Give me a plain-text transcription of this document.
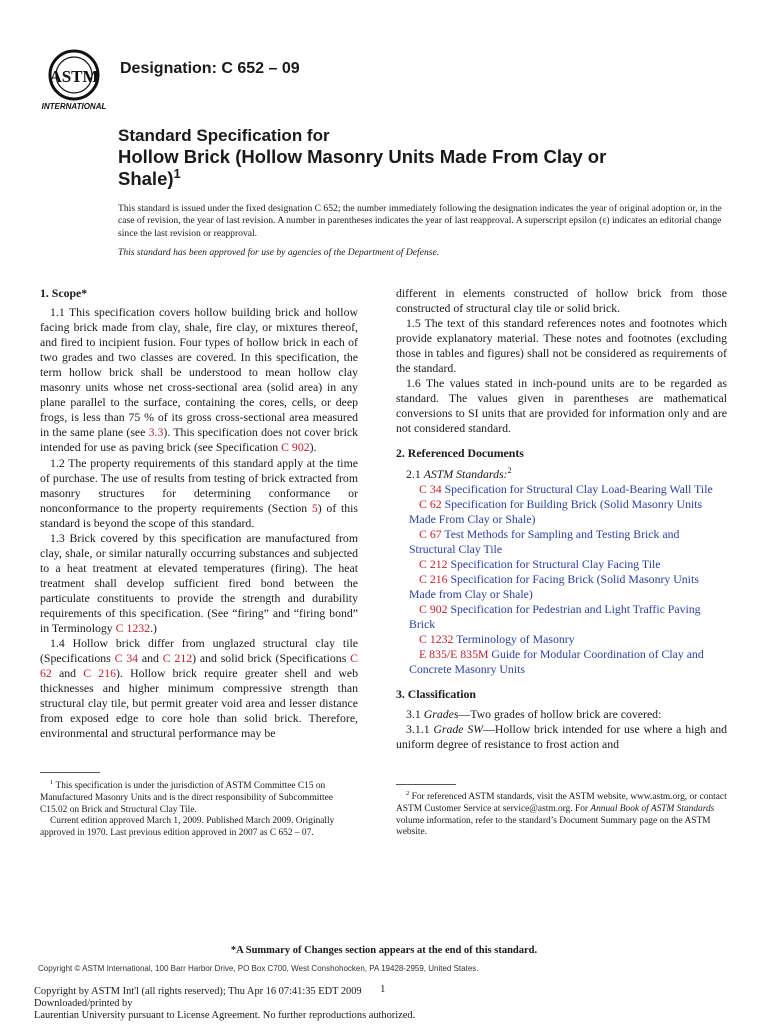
ASTM
INTERNATIONAL
Designation: C 652 – 09
Standard Specification for
Hollow Brick (Hollow Masonry Units Made From Clay or
Shale)$^1$
This standard is issued under the fixed designation C 652; the number immediately following the designation indicates the year of original adoption or, in the case of revision, the year of last revision. A number in parentheses indicates the year of last reapproval. A superscript epsilon (ε) indicates an editorial change since the last revision or reapproval.
This standard has been approved for use by agencies of the Department of Defense.
1. Scope*

1.1 This specification covers hollow building brick and hollow facing brick made from clay, shale, fire clay, or mixtures thereof, and fired to incipient fusion. Four types of hollow brick in each of two grades and two classes are covered. In this specification, the term hollow brick shall be understood to mean hollow clay masonry units whose net cross-sectional area (solid area) in any plane parallel to the surface, containing the cores, cells, or deep frogs, is less than 75 % of its gross cross-sectional area measured in the same plane (see 3.3). This specification does not cover brick intended for use as paving brick (see Specification C 902).

1.2 The property requirements of this standard apply at the time of purchase. The use of results from testing of brick extracted from masonry structures for determining conformance or nonconformance to the property requirements (Section 5) of this standard is beyond the scope of this standard.

1.3 Brick covered by this specification are manufactured from clay, shale, or similar naturally occurring substances and subjected to a heat treatment at elevated temperatures (firing). The heat treatment shall develop sufficient fired bond between the particulate constituents to provide the strength and durability requirements of this specification. (See “firing” and “firing bond” in Terminology C 1232.)

1.4 Hollow brick differ from unglazed structural clay tile (Specifications C 34 and C 212) and solid brick (Specifications C 62 and C 216). Hollow brick require greater shell and web thicknesses and higher minimum compressive strength than structural clay tile, but permit greater void area and lesser distance from exposed edge to core hole than solid brick. Therefore, environmental and structural performance may be

different in elements constructed of hollow brick from those constructed of structural clay tile or solid brick.

1.5 The text of this standard references notes and footnotes which provide explanatory material. These notes and footnotes (excluding those in tables and figures) shall not be considered as requirements of the standard.

1.6 The values stated in inch-pound units are to be regarded as standard. The values given in parentheses are mathematical conversions to SI units that are provided for information only and are not considered standard.

2. Referenced Documents

2.1 ASTM Standards:$^2$

C 34 Specification for Structural Clay Load-Bearing Wall Tile

C 62 Specification for Building Brick (Solid Masonry Units Made From Clay or Shale)

C 67 Test Methods for Sampling and Testing Brick and Structural Clay Tile

C 212 Specification for Structural Clay Facing Tile

C 216 Specification for Facing Brick (Solid Masonry Units Made from Clay or Shale)

C 902 Specification for Pedestrian and Light Traffic Paving Brick

C 1232 Terminology of Masonry

E 835/E 835M Guide for Modular Coordination of Clay and Concrete Masonry Units

3. Classification

3.1 Grades—Two grades of hollow brick are covered:

3.1.1 Grade SW—Hollow brick intended for use where a high and uniform degree of resistance to frost action and

$^1$ This specification is under the jurisdiction of ASTM Committee C15 on Manufactured Masonry Units and is the direct responsibility of Subcommittee C15.02 on Brick and Structural Clay Tile.

Current edition approved March 1, 2009. Published March 2009. Originally approved in 1970. Last previous edition approved in 2007 as C 652 – 07.

$^2$ For referenced ASTM standards, visit the ASTM website, www.astm.org, or contact ASTM Customer Service at service@astm.org. For Annual Book of ASTM Standards volume information, refer to the standard’s Document Summary page on the ASTM website.

*A Summary of Changes section appears at the end of this standard.
Copyright © ASTM International, 100 Barr Harbor Drive, PO Box C700, West Conshohocken, PA 19428-2959, United States.
Copyright by ASTM Int'l (all rights reserved); Thu Apr 16 07:41:35 EDT 2009
Downloaded/printed by
Laurentian University pursuant to License Agreement. No further reproductions authorized.
1
